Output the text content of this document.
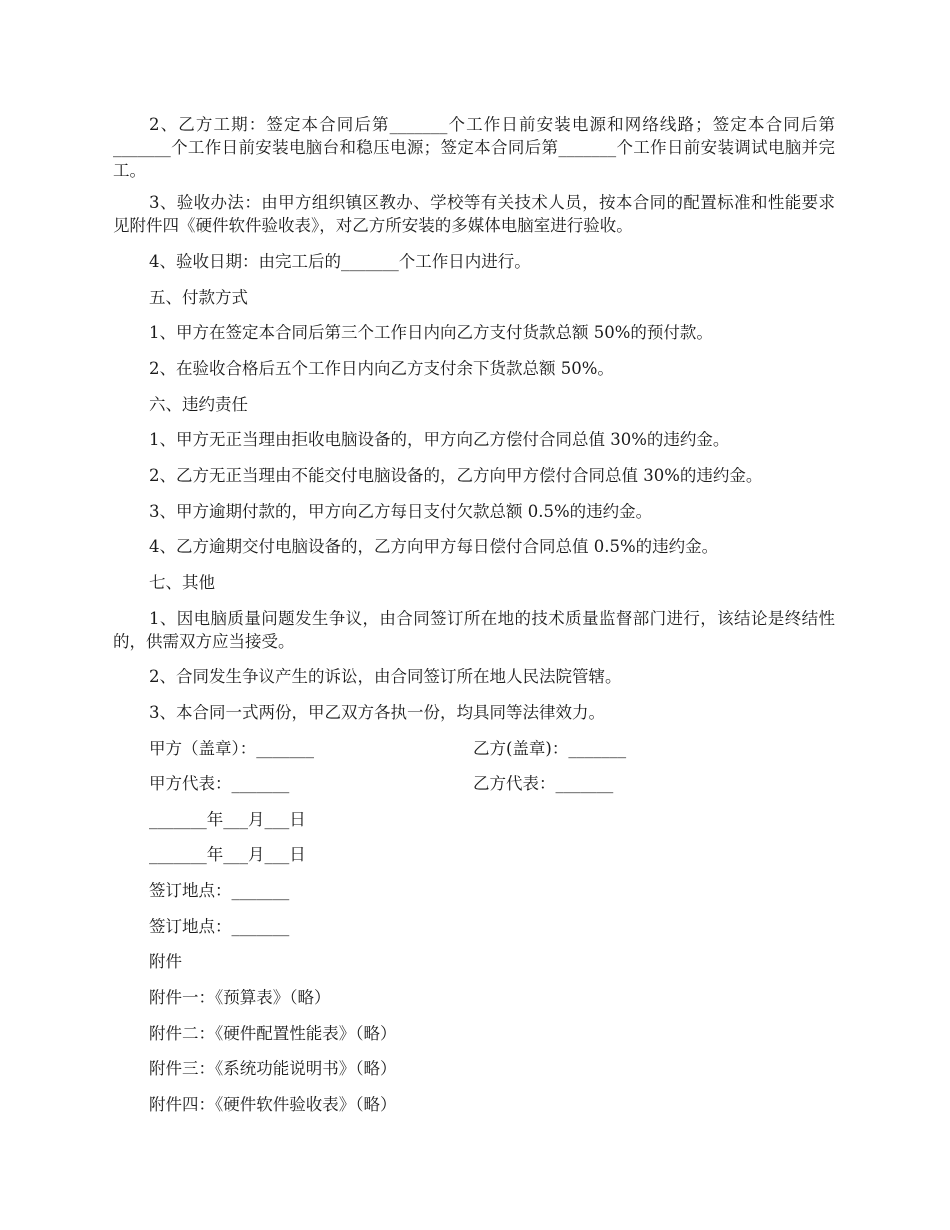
2、乙方工期：签定本合同后第_______个工作日前安装电源和网络线路；签定本合同后第_______个工作日前安装电脑台和稳压电源；签定本合同后第_______个工作日前安装调试电脑并完工。

3、验收办法：由甲方组织镇区教办、学校等有关技术人员，按本合同的配置标准和性能要求见附件四《硬件软件验收表》，对乙方所安装的多媒体电脑室进行验收。

4、验收日期：由完工后的_______个工作日内进行。

五、付款方式

1、甲方在签定本合同后第三个工作日内向乙方支付货款总额 50%的预付款。

2、在验收合格后五个工作日内向乙方支付余下货款总额 50%。

六、违约责任

1、甲方无正当理由拒收电脑设备的，甲方向乙方偿付合同总值 30%的违约金。

2、乙方无正当理由不能交付电脑设备的，乙方向甲方偿付合同总值 30%的违约金。

3、甲方逾期付款的，甲方向乙方每日支付欠款总额 0.5%的违约金。

4、乙方逾期交付电脑设备的，乙方向甲方每日偿付合同总值 0.5%的违约金。

七、其他

1、因电脑质量问题发生争议，由合同签订所在地的技术质量监督部门进行，该结论是终结性的，供需双方应当接受。

2、合同发生争议产生的诉讼，由合同签订所在地人民法院管辖。

3、本合同一式两份，甲乙双方各执一份，均具同等法律效力。

甲方（盖章）：_______	乙方(盖章)：_______

甲方代表：_______	乙方代表：_______

_______年___月___日

_______年___月___日

签订地点：_______

签订地点：_______

附件

附件一：《预算表》（略）

附件二：《硬件配置性能表》（略）

附件三：《系统功能说明书》（略）

附件四：《硬件软件验收表》（略）
